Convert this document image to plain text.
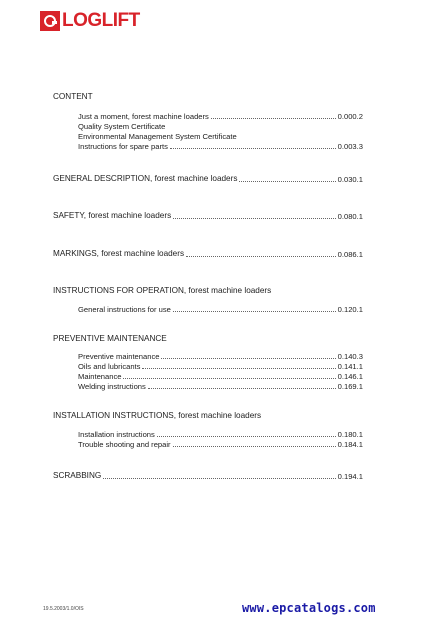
LOGLIFT
CONTENT
Just a moment, forest machine loaders	0.000.2
Quality System Certificate
Environmental Management System Certificate
Instructions for spare parts	0.003.3
GENERAL DESCRIPTION, forest machine loaders	0.030.1
SAFETY, forest machine loaders	0.080.1
MARKINGS, forest machine loaders	0.086.1
INSTRUCTIONS FOR OPERATION, forest machine loaders
General instructions for use	0.120.1
PREVENTIVE MAINTENANCE
Preventive maintenance	0.140.3
Oils and lubricants	0.141.1
Maintenance	0.146.1
Welding instructions	0.169.1
INSTALLATION INSTRUCTIONS, forest machine loaders
Installation instructions	0.180.1
Trouble shooting and repair	0.184.1
SCRABBING	0.194.1
19.5.2003/1.0/OIS	www.epcatalogs.com
